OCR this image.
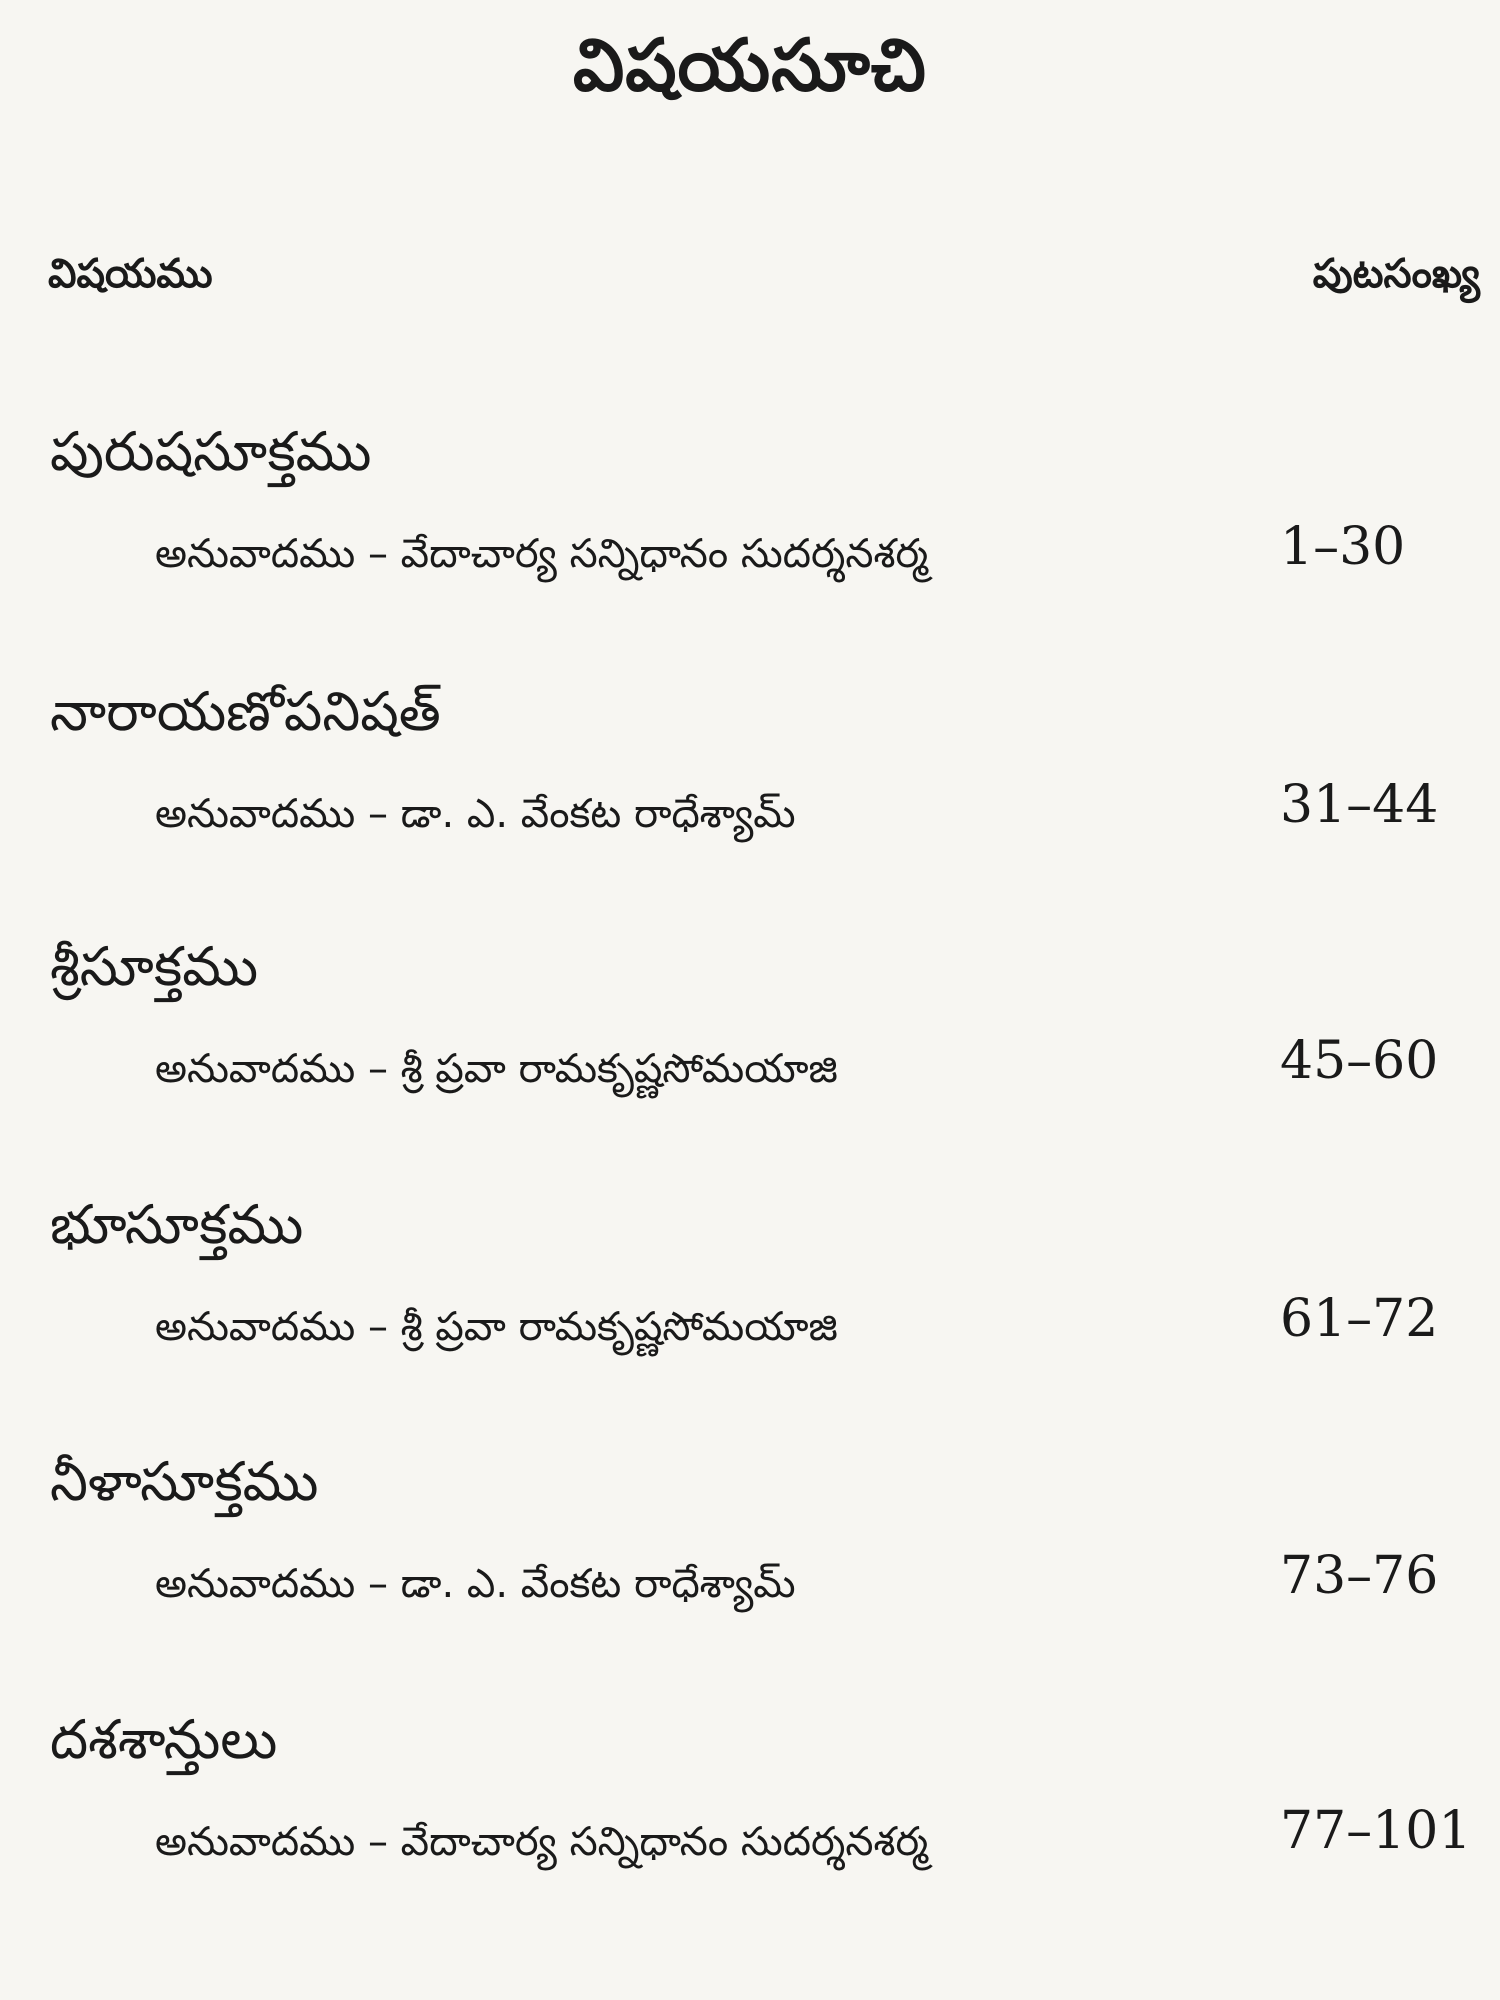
విషయసూచి
విషయము	పుటసంఖ్య
పురుషసూక్తము
అనువాదము – వేదాచార్య సన్నిధానం సుదర్శనశర్మ	1–30
నారాయణోపనిషత్
అనువాదము – డా. ఎ. వేంకట రాధేశ్యామ్	31–44
శ్రీసూక్తము
అనువాదము – శ్రీ ప్రవా రామకృష్ణసోమయాజి	45–60
భూసూక్తము
అనువాదము – శ్రీ ప్రవా రామకృష్ణసోమయాజి	61–72
నీళాసూక్తము
అనువాదము – డా. ఎ. వేంకట రాధేశ్యామ్	73–76
దశశాన్తులు
అనువాదము – వేదాచార్య సన్నిధానం సుదర్శనశర్మ	77–101
